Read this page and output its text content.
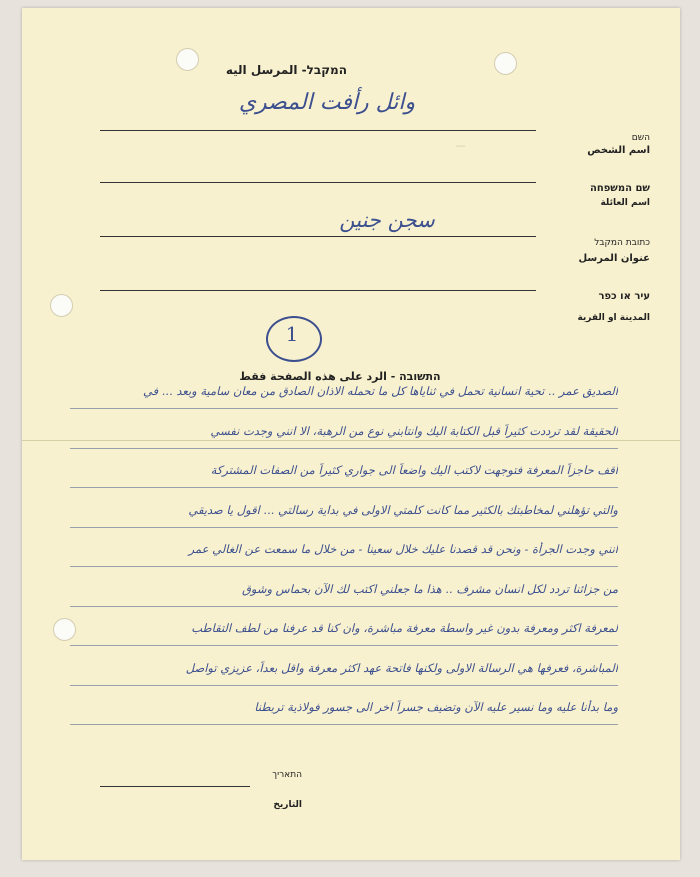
ــ
המקבל- المرسل اليه
وائل رأفت المصري
השם
اسم الشخص
שם המשפחה
اسم العائلة
سجن جنين
כתובת המקבל
عنوان المرسل
עיר או כפר
المدينة او القرية
1
התשובה - الرد على هذه الصفحة فقط
الصديق عمر .. تحية انسانية تحمل في ثناياها كل ما تحمله الاذان الصادق من معان سامية وبعد ... في
الحقيقة لقد ترددت كثيراً قبل الكتابة اليك وانتابني نوع من الرهبة، الا انني وجدت نفسي
أقف حاجزاً المعرفة فتوجهت لاكتب اليك واضعاً الى جواري كثيراً من الصفات المشتركة
والتي تؤهلني لمخاطبتك بالكثير مما كانت كلمتي الاولى في بداية رسالتي ... اقول يا صديقي
انني وجدت الجرأة - ونحن قد قصدنا عليك خلال سعينا - من خلال ما سمعت عن الغالي عمر
من جزائنا تردد لكل انسان مشرف .. هذا ما جعلني اكتب لك الآن بحماس وشوق
لمعرفة اكثر ومعرفة بدون غير واسطة معرفة مباشرة، وان كنا قد عرفنا من لطف التقاطب
المباشرة، فعرفها هي الرسالة الاولى ولكنها فاتحة عهد اكثر معرفة واقل بعداً، عزيزي تواصل
وما بدأنا عليه وما نسير عليه الآن وتضيف جسراً اخر الى جسور فولاذية تربطنا
התאריך
التاريخ
